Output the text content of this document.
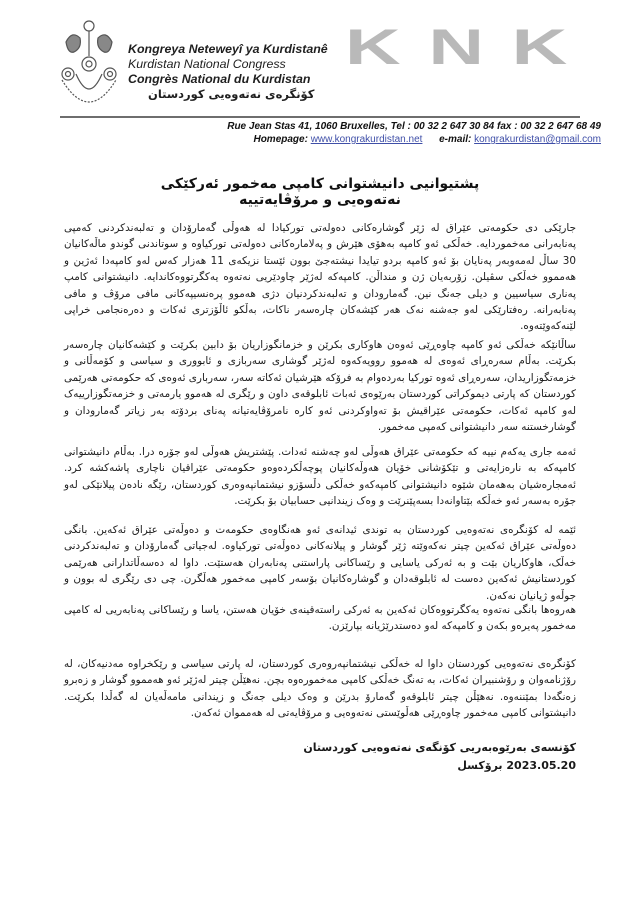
Kongreya Neteweyî ya Kurdistanê
Kurdistan National Congress
Congrès National du Kurdistan
کۆنگرەی نەتەوەیی کوردستان
KNK
Rue Jean Stas 41, 1060 Bruxelles, Tel : 00 32 2 647 30 84 fax : 00 32 2 647 68 49
Homepage: www.kongrakurdistan.net e-mail: kongrakurdistan@gmail.com
پشتیوانیی دانیشتوانی کامپی مەخمور ئەرکێکی نەتەوەیی و مرۆڤایەتییە
جارێکی دی حکومەتی عێراق لە ژێر گوشارەکانی دەولەتی تورکیادا لە هەوڵی گەمارۆدان و تەلبەندکردنی کەمپی پەنابەرانی مەخموردایە. خەڵکی ئەو کامپە بەهۆی هێرش و پەلامارەکانی دەولەتی تورکیاوە و سوتاندنی گوندو ماڵەکانیان 30 ساڵ لەمەوبەر پەنایان بۆ ئەو کامپە بردو تیایدا نیشتەجێ بوون ئێستا نزیکەی 11 هەزار کەس لەو کامپەدا ئەژین و هەمموو خەڵکی سڤیلن. زۆربەیان ژن و منداڵن. کامپەکە لەژێر چاودێریی نەتەوە یەکگرتووەکاندایە. دانیشتوانی کامپ پەناری سیاسیین و دیلی جەنگ نین. گەمارودان و تەلبەندکردنیان دژی هەموو پرەنسیپەکانی مافی مرۆڤ و مافی پەنابەرانە. رەفتارێکی لەو جەشنە نەک هەر کێشەکان چارەسەر ناکات، بەڵکو ئاڵۆزتری ئەکات و دەرەنجامی خراپی لێنەکەوێتەوە.
ساڵانێکە خەڵکی ئەو کامپە چاوەڕێی ئەوەن هاوکاری بکرێن و خزمانگوزاریان بۆ دابین بکرێت و کێشەکانیان چارەسەر بکرێت. بەڵام سەرەڕای ئەوەی لە هەموو روویەکەوە لەژێر گوشاری سەربازی و ئابووری و سیاسی و کۆمەڵانی و خزمەتگوزاریدان، سەرەڕای ئەوە تورکیا بەردەوام بە فرۆکە هێرشیان ئەکاتە سەر، سەرباری ئەوەی کە حکومەتی هەرێمی کوردستان کە پارتی دیموکراتی کوردستان بەرێوەی ئەبات ئابلوقەی داون و رێگری لە هەموو یارمەتی و خزمەتگوزارییەک لەو کامپە ئەکات، حکومەتی عێراقیش بۆ تەواوکردنی ئەو کارە نامرۆڤایەتیانە پەنای بردۆتە بەر زیاتر گەمارودان و گوشارخستنە سەر دانیشتوانی کەمپی مەخمور.
ئەمە جاری یەکەم نییە کە حکومەتی عێراق هەوڵی لەو چەشنە ئەدات. پێشتریش هەوڵی لەو جۆرە درا. بەڵام دانیشتوانی کامپەکە بە نارەزایەتی و تێکۆشانی خۆیان هەوڵەکانیان پوچەڵکردەوەو حکومەتی عێراقیان ناچاری پاشەکشە کرد. ئەمجارەشیان بەهەمان شێوە دانیشتوانی کامپەکەو خەڵکی دڵسۆزو نیشتمانپەوەری کوردستان، رێگە نادەن پیلانێکی لەو جۆرە بەسەر ئەو خەڵکە بێتاوانەدا بسەپێنرێت و وەک زیندانیی حسابیان بۆ بکرێت.
ئێمە لە کۆنگرەی نەتەوەیی کوردستان بە توندی ئیدانەی ئەو هەنگاوەی حکومەت و دەوڵەتی عێراق ئەکەین. بانگی دەوڵەتی عێراق ئەکەین چیتر نەکەوێتە ژێر گوشار و پیلانەکانی دەوڵەتی تورکیاوە. لەجیاتی گەمارۆدان و تەلبەندکردنی خەڵک، هاوکاریان بێت و بە ئەرکی یاسایی و رێساکانی پاراستنی پەنابەران هەستێت. داوا لە دەسەڵاتدارانی هەرێمی کوردستانیش ئەکەین دەست لە ئابلوقەدان و گوشارەکانیان بۆسەر کامپی مەخمور هەڵگرن. چی دی رێگری لە بوون و جوڵەو ژیانیان نەکەن.
هەروەها بانگی نەتەوە یەکگرتووەکان ئەکەین بە ئەرکی راستەقینەی خۆیان هەستن، یاسا و رێساکانی پەنابەریی لە کامپی مەخمور پەیرەو بکەن و کامپەکە لەو دەستدرێژیانە بپارێزن.
کۆنگرەی نەتەوەیی کوردستان داوا لە خەڵکی نیشتمانپەروەری کوردستان، لە پارتی سیاسی و رێکخراوە مەدنیەکان، لە رۆژنامەوان و رۆشنبیران ئەکات، بە تەنگ خەڵکی کامپی مەخمورەوە بچن. نەهێڵن چیتر لەژێر ئەو هەمموو گوشار و زەبرو زەنگەدا بمێننەوە. نەهێڵن چیتر ئابلوقەو گەمارۆ بدرێن و وەک دیلی جەنگ و زیندانی مامەڵەیان لە گەڵدا بکرێت. دانیشتوانی کامپی مەخمور چاوەڕێی هەڵوێستی نەتەوەیی و مرۆڤایەتی لە هەمموان ئەکەن.
کۆنسەی بەرێوەبەریی کۆنگەی نەتەوەیی کوردستان
2023.05.20 برۆکسل
